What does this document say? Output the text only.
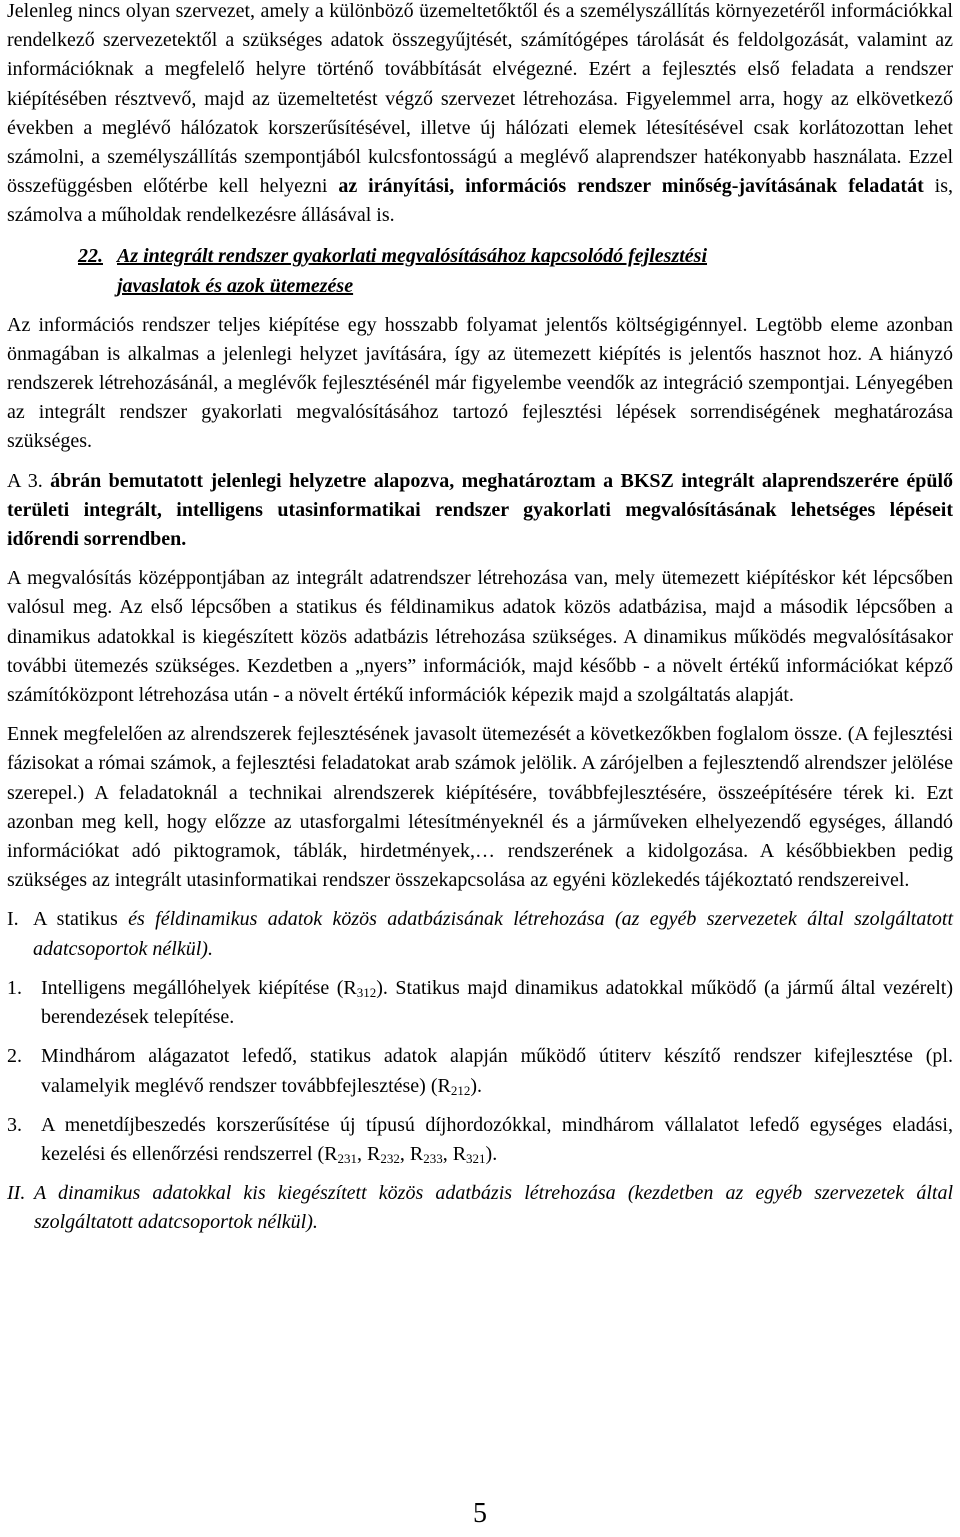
Jelenleg nincs olyan szervezet, amely a különböző üzemeltetőktől és a személyszállítás környezetéről információkkal rendelkező szervezetektől a szükséges adatok összegyűjtését, számítógépes tárolását és feldolgozását, valamint az információknak a megfelelő helyre történő továbbítását elvégezné. Ezért a fejlesztés első feladata a rendszer kiépítésében résztvevő, majd az üzemeltetést végző szervezet létrehozása. Figyelemmel arra, hogy az elkövetkező években a meglévő hálózatok korszerűsítésével, illetve új hálózati elemek létesítésével csak korlátozottan lehet számolni, a személyszállítás szempontjából kulcsfontosságú a meglévő alaprendszer hatékonyabb használata. Ezzel összefüggésben előtérbe kell helyezni az irányítási, információs rendszer minőség-javításának feladatát is, számolva a műholdak rendelkezésre állásával is.

22. Az integrált rendszer gyakorlati megvalósításához kapcsolódó fejlesztési
javaslatok és azok ütemezése

Az információs rendszer teljes kiépítése egy hosszabb folyamat jelentős költségigénnyel. Legtöbb eleme azonban önmagában is alkalmas a jelenlegi helyzet javítására, így az ütemezett kiépítés is jelentős hasznot hoz. A hiányzó rendszerek létrehozásánál, a meglévők fejlesztésénél már figyelembe veendők az integráció szempontjai. Lényegében az integrált rendszer gyakorlati megvalósításához tartozó fejlesztési lépések sorrendiségének meghatározása szükséges.

A 3. ábrán bemutatott jelenlegi helyzetre alapozva, meghatároztam a BKSZ integrált alaprendszerére épülő területi integrált, intelligens utasinformatikai rendszer gyakorlati megvalósításának lehetséges lépéseit időrendi sorrendben.

A megvalósítás középpontjában az integrált adatrendszer létrehozása van, mely ütemezett kiépítéskor két lépcsőben valósul meg. Az első lépcsőben a statikus és féldinamikus adatok közös adatbázisa, majd a második lépcsőben a dinamikus adatokkal is kiegészített közös adatbázis létrehozása szükséges. A dinamikus működés megvalósításakor további ütemezés szükséges. Kezdetben a „nyers” információk, majd később - a növelt értékű információkat képző számítóközpont létrehozása után - a növelt értékű információk képezik majd a szolgáltatás alapját.

Ennek megfelelően az alrendszerek fejlesztésének javasolt ütemezését a következőkben foglalom össze. (A fejlesztési fázisokat a római számok, a fejlesztési feladatokat arab számok jelölik. A zárójelben a fejlesztendő alrendszer jelölése szerepel.) A feladatoknál a technikai alrendszerek kiépítésére, továbbfejlesztésére, összeépítésére térek ki. Ezt azonban meg kell, hogy előzze az utasforgalmi létesítményeknél és a járműveken elhelyezendő egységes, állandó információkat adó piktogramok, táblák, hirdetmények,… rendszerének a kidolgozása. A későbbiekben pedig szükséges az integrált utasinformatikai rendszer összekapcsolása az egyéni közlekedés tájékoztató rendszereivel.

I. A statikus és féldinamikus adatok közös adatbázisának létrehozása (az egyéb szervezetek által szolgáltatott adatcsoportok nélkül).
1. Intelligens megállóhelyek kiépítése $(R_{312})$. Statikus majd dinamikus adatokkal működő (a jármű által vezérelt) berendezések telepítése.
2. Mindhárom alágazatot lefedő, statikus adatok alapján működő útiterv készítő rendszer kifejlesztése (pl. valamelyik meglévő rendszer továbbfejlesztése) $(R_{212})$.
3. A menetdíjbeszedés korszerűsítése új típusú díjhordozókkal, mindhárom vállalatot lefedő egységes eladási, kezelési és ellenőrzési rendszerrel ($R_{231}$, $R_{232}$, $R_{233}$, $R_{321}$).
II. A dinamikus adatokkal kis kiegészített közös adatbázis létrehozása (kezdetben az egyéb szervezetek által szolgáltatott adatcsoportok nélkül).
5
